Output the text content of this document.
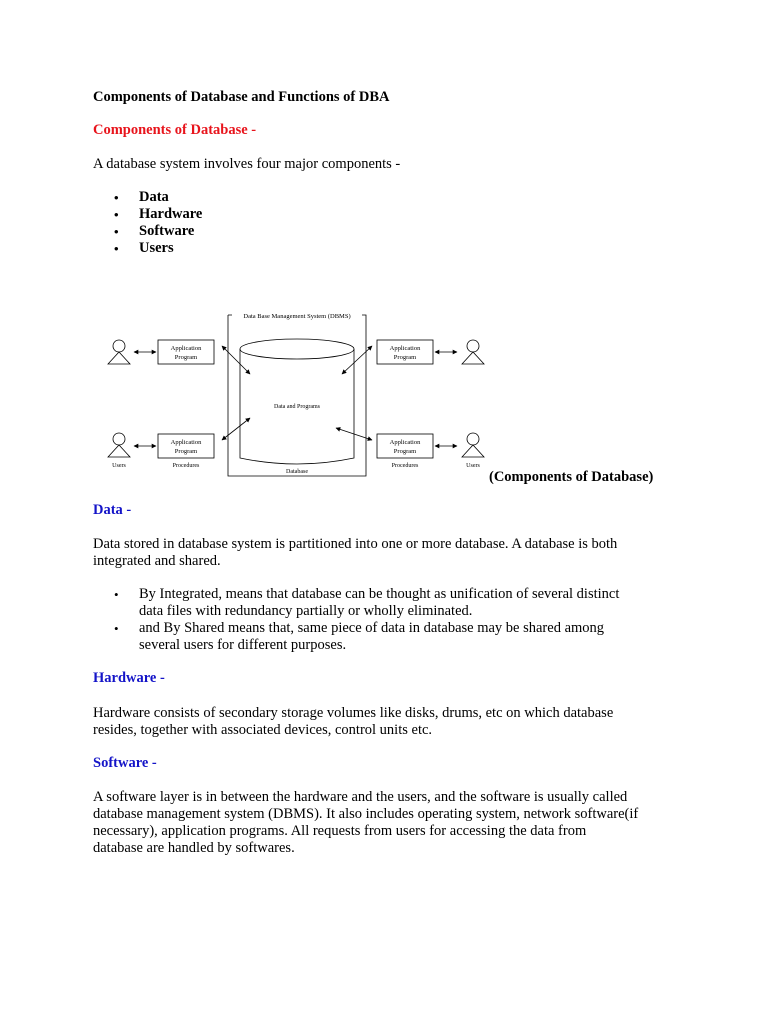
Components of Database and Functions of DBA

Components of Database -

A database system involves four major components -

• Data
• Hardware
• Software
• Users
Data Base Management System (DBMS)
Data and Programs
Database
Application
Program
Application
Program
Application
Program
Application
Program
Users	Procedures	Procedures	Users

(Components of Database)

Data -

Data stored in database system is partitioned into one or more database. A database is both
integrated and shared.

• By Integrated, means that database can be thought as unification of several distinct
data files with redundancy partially or wholly eliminated.
• and By Shared means that, same piece of data in database may be shared among
several users for different purposes.

Hardware -

Hardware consists of secondary storage volumes like disks, drums, etc on which database
resides, together with associated devices, control units etc.

Software -

A software layer is in between the hardware and the users, and the software is usually called
database management system (DBMS). It also includes operating system, network software(if
necessary), application programs. All requests from users for accessing the data from
database are handled by softwares.
